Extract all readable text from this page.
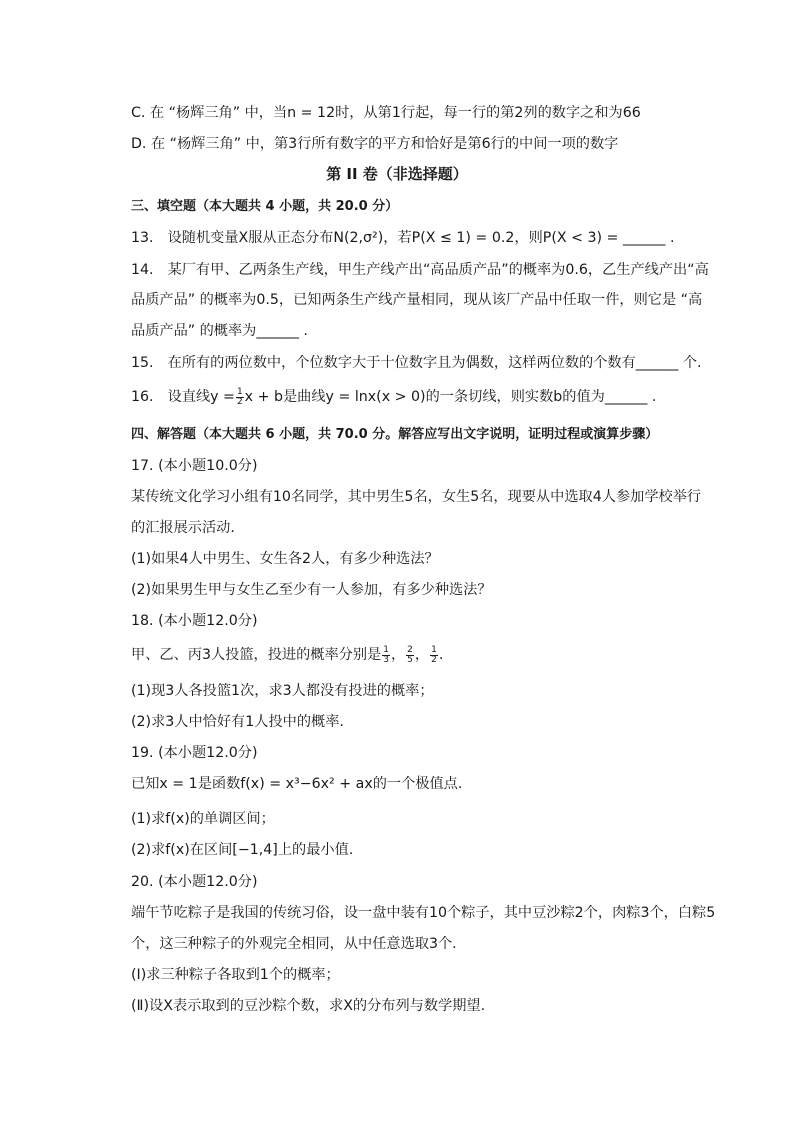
C. 在 “杨辉三角” 中，当n = 12时，从第1行起，每一行的第2列的数字之和为66
D. 在 “杨辉三角” 中，第3行所有数字的平方和恰好是第6行的中间一项的数字
第 II 卷（非选择题）
三、填空题（本大题共 4 小题，共 20.0 分）
13. 设随机变量X服从正态分布N(2,σ²)，若P(X ≤ 1) = 0.2，则P(X < 3) = ______ .
14. 某厂有甲、乙两条生产线，甲生产线产出“高品质产品”的概率为0.6，乙生产线产出“高
品质产品” 的概率为0.5，已知两条生产线产量相同，现从该厂产品中任取一件，则它是 “高
品质产品” 的概率为______ .
15. 在所有的两位数中，个位数字大于十位数字且为偶数，这样两位数的个数有______ 个.
16. 设直线$y = \frac{1}{2}$ x + b是曲线y = lnx(x > 0)的一条切线，则实数b的值为______ .
四、解答题（本大题共 6 小题，共 70.0 分。解答应写出文字说明，证明过程或演算步骤）
17. (本小题10.0分)
某传统文化学习小组有10名同学，其中男生5名，女生5名，现要从中选取4人参加学校举行
的汇报展示活动.
(1)如果4人中男生、女生各2人，有多少种选法？
(2)如果男生甲与女生乙至少有一人参加，有多少种选法？
18. (本小题12.0分)
甲、乙、丙3人投篮，投进的概率分别是 $\frac{1}{3}$ ， $\frac{2}{5}$ ， $\frac{1}{2}$ .
(1)现3人各投篮1次，求3人都没有投进的概率；
(2)求3人中恰好有1人投中的概率.
19. (本小题12.0分)
已知x = 1是函数f(x) = x³−6x² + ax的一个极值点.
(1)求f(x)的单调区间；
(2)求f(x)在区间[−1,4]上的最小值.
20. (本小题12.0分)
端午节吃粽子是我国的传统习俗，设一盘中装有10个粽子，其中豆沙粽2个，肉粽3个，白粽5
个，这三种粽子的外观完全相同，从中任意选取3个.
(Ⅰ)求三种粽子各取到1个的概率；
(Ⅱ)设X表示取到的豆沙粽个数，求X的分布列与数学期望.
